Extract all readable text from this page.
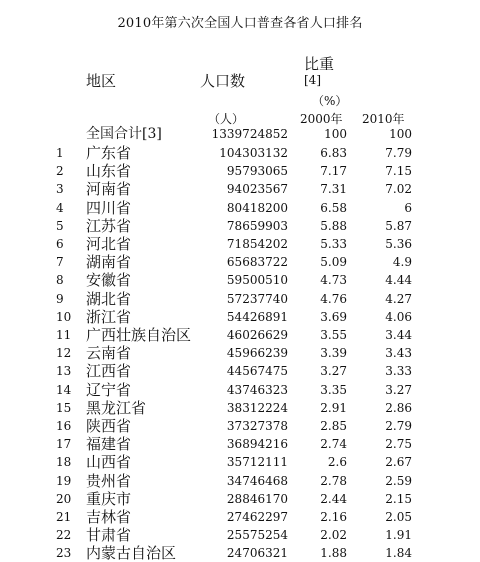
2010年第六次全国人口普查各省人口排名
地区	人口数
比重
[4]
（%）
（人）	2000年 2010年
全国合计[3]	1339724852	100	100
1 广东省	104303132	6.83	7.79
2 山东省	95793065	7.17	7.15
3 河南省	94023567	7.31	7.02
4 四川省	80418200	6.58	6
5 江苏省	78659903	5.88	5.87
6 河北省	71854202	5.33	5.36
7 湖南省	65683722	5.09	4.9
8 安徽省	59500510	4.73	4.44
9 湖北省	57237740	4.76	4.27
10 浙江省	54426891	3.69	4.06
11 广西壮族自治区	46026629	3.55	3.44
12 云南省	45966239	3.39	3.43
13 江西省	44567475	3.27	3.33
14 辽宁省	43746323	3.35	3.27
15 黑龙江省	38312224	2.91	2.86
16 陕西省	37327378	2.85	2.79
17 福建省	36894216	2.74	2.75
18 山西省	35712111	2.6	2.67
19 贵州省	34746468	2.78	2.59
20 重庆市	28846170	2.44	2.15
21 吉林省	27462297	2.16	2.05
22 甘肃省	25575254	2.02	1.91
23 内蒙古自治区	24706321	1.88	1.84
